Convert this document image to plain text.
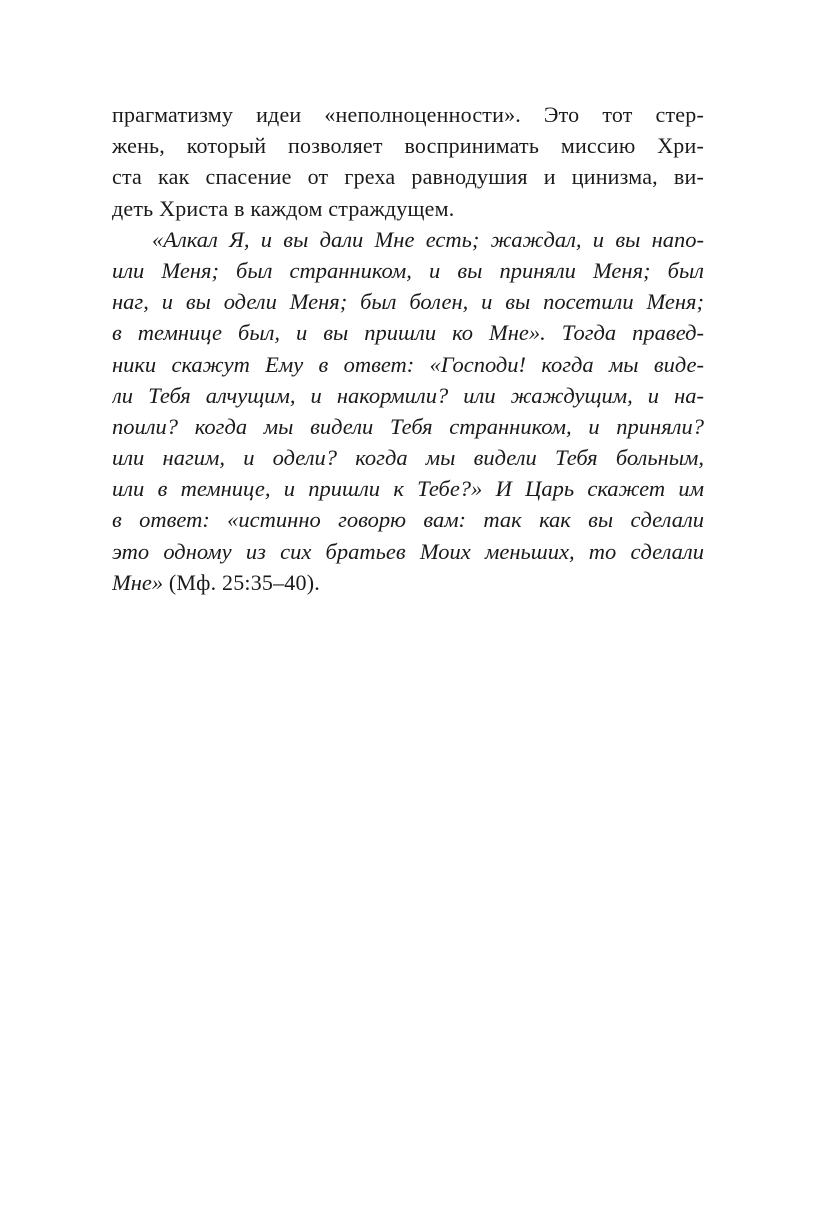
прагматизму идеи «неполноценности». Это тот стер-
жень, который позволяет воспринимать миссию Хри-
ста как спасение от греха равнодушия и цинизма, ви-
деть Христа в каждом страждущем.
«Алкал Я, и вы дали Мне есть; жаждал, и вы напо-
или Меня; был странником, и вы приняли Меня; был
наг, и вы одели Меня; был болен, и вы посетили Меня;
в темнице был, и вы пришли ко Мне». Тогда правед-
ники скажут Ему в ответ: «Господи! когда мы виде-
ли Тебя алчущим, и накормили? или жаждущим, и на-
поили? когда мы видели Тебя странником, и приняли?
или нагим, и одели? когда мы видели Тебя больным,
или в темнице, и пришли к Тебе?» И Царь скажет им
в ответ: «истинно говорю вам: так как вы сделали
это одному из сих братьев Моих меньших, то сделали
Мне» (Мф. 25:35–40).
